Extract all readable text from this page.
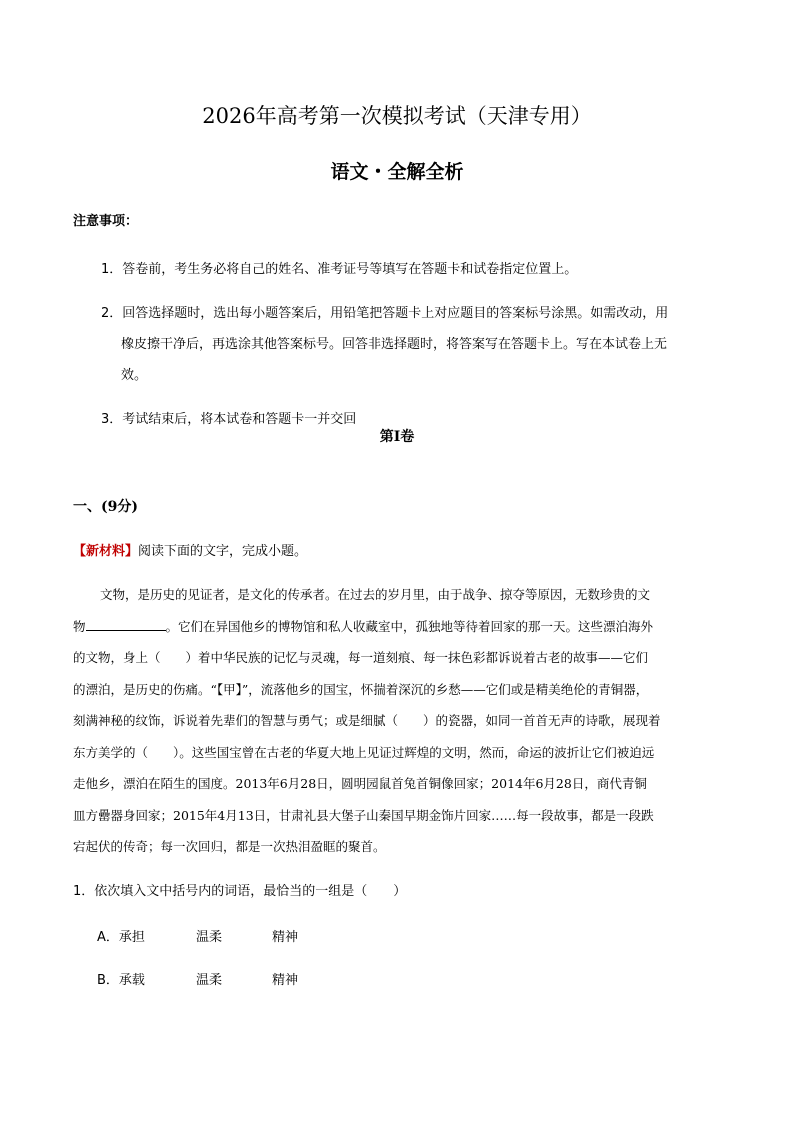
2026年高考第一次模拟考试（天津专用）
语文・全解全析
注意事项：
1．答卷前，考生务必将自己的姓名、准考证号等填写在答题卡和试卷指定位置上。
2．回答选择题时，选出每小题答案后，用铅笔把答题卡上对应题目的答案标号涂黑。如需改动，用
橡皮擦干净后，再选涂其他答案标号。回答非选择题时，将答案写在答题卡上。写在本试卷上无
效。
3．考试结束后，将本试卷和答题卡一并交回
第Ⅰ卷
一、(9分)
【新材料】阅读下面的文字，完成小题。
文物，是历史的见证者，是文化的传承者。在过去的岁月里，由于战争、掠夺等原因，无数珍贵的文
物	。它们在异国他乡的博物馆和私人收藏室中，孤独地等待着回家的那一天。这些漂泊海外
的文物，身上（　　）着中华民族的记忆与灵魂，每一道刻痕、每一抹色彩都诉说着古老的故事——它们
的漂泊，是历史的伤痛。“【甲】”，流落他乡的国宝，怀揣着深沉的乡愁——它们或是精美绝伦的青铜器，
刻满神秘的纹饰，诉说着先辈们的智慧与勇气；或是细腻（　　）的瓷器，如同一首首无声的诗歌，展现着
东方美学的（　　）。这些国宝曾在古老的华夏大地上见证过辉煌的文明，然而，命运的波折让它们被迫远
走他乡，漂泊在陌生的国度。2013年6月28日，圆明园鼠首兔首铜像回家；2014年6月28日，商代青铜
皿方罍器身回家；2015年4月13日，甘肃礼县大堡子山秦国早期金饰片回家……每一段故事，都是一段跌
宕起伏的传奇；每一次回归，都是一次热泪盈眶的聚首。
1．依次填入文中括号内的词语，最恰当的一组是（　　）
A．承担	温柔	精神
B．承载	温柔	精神
